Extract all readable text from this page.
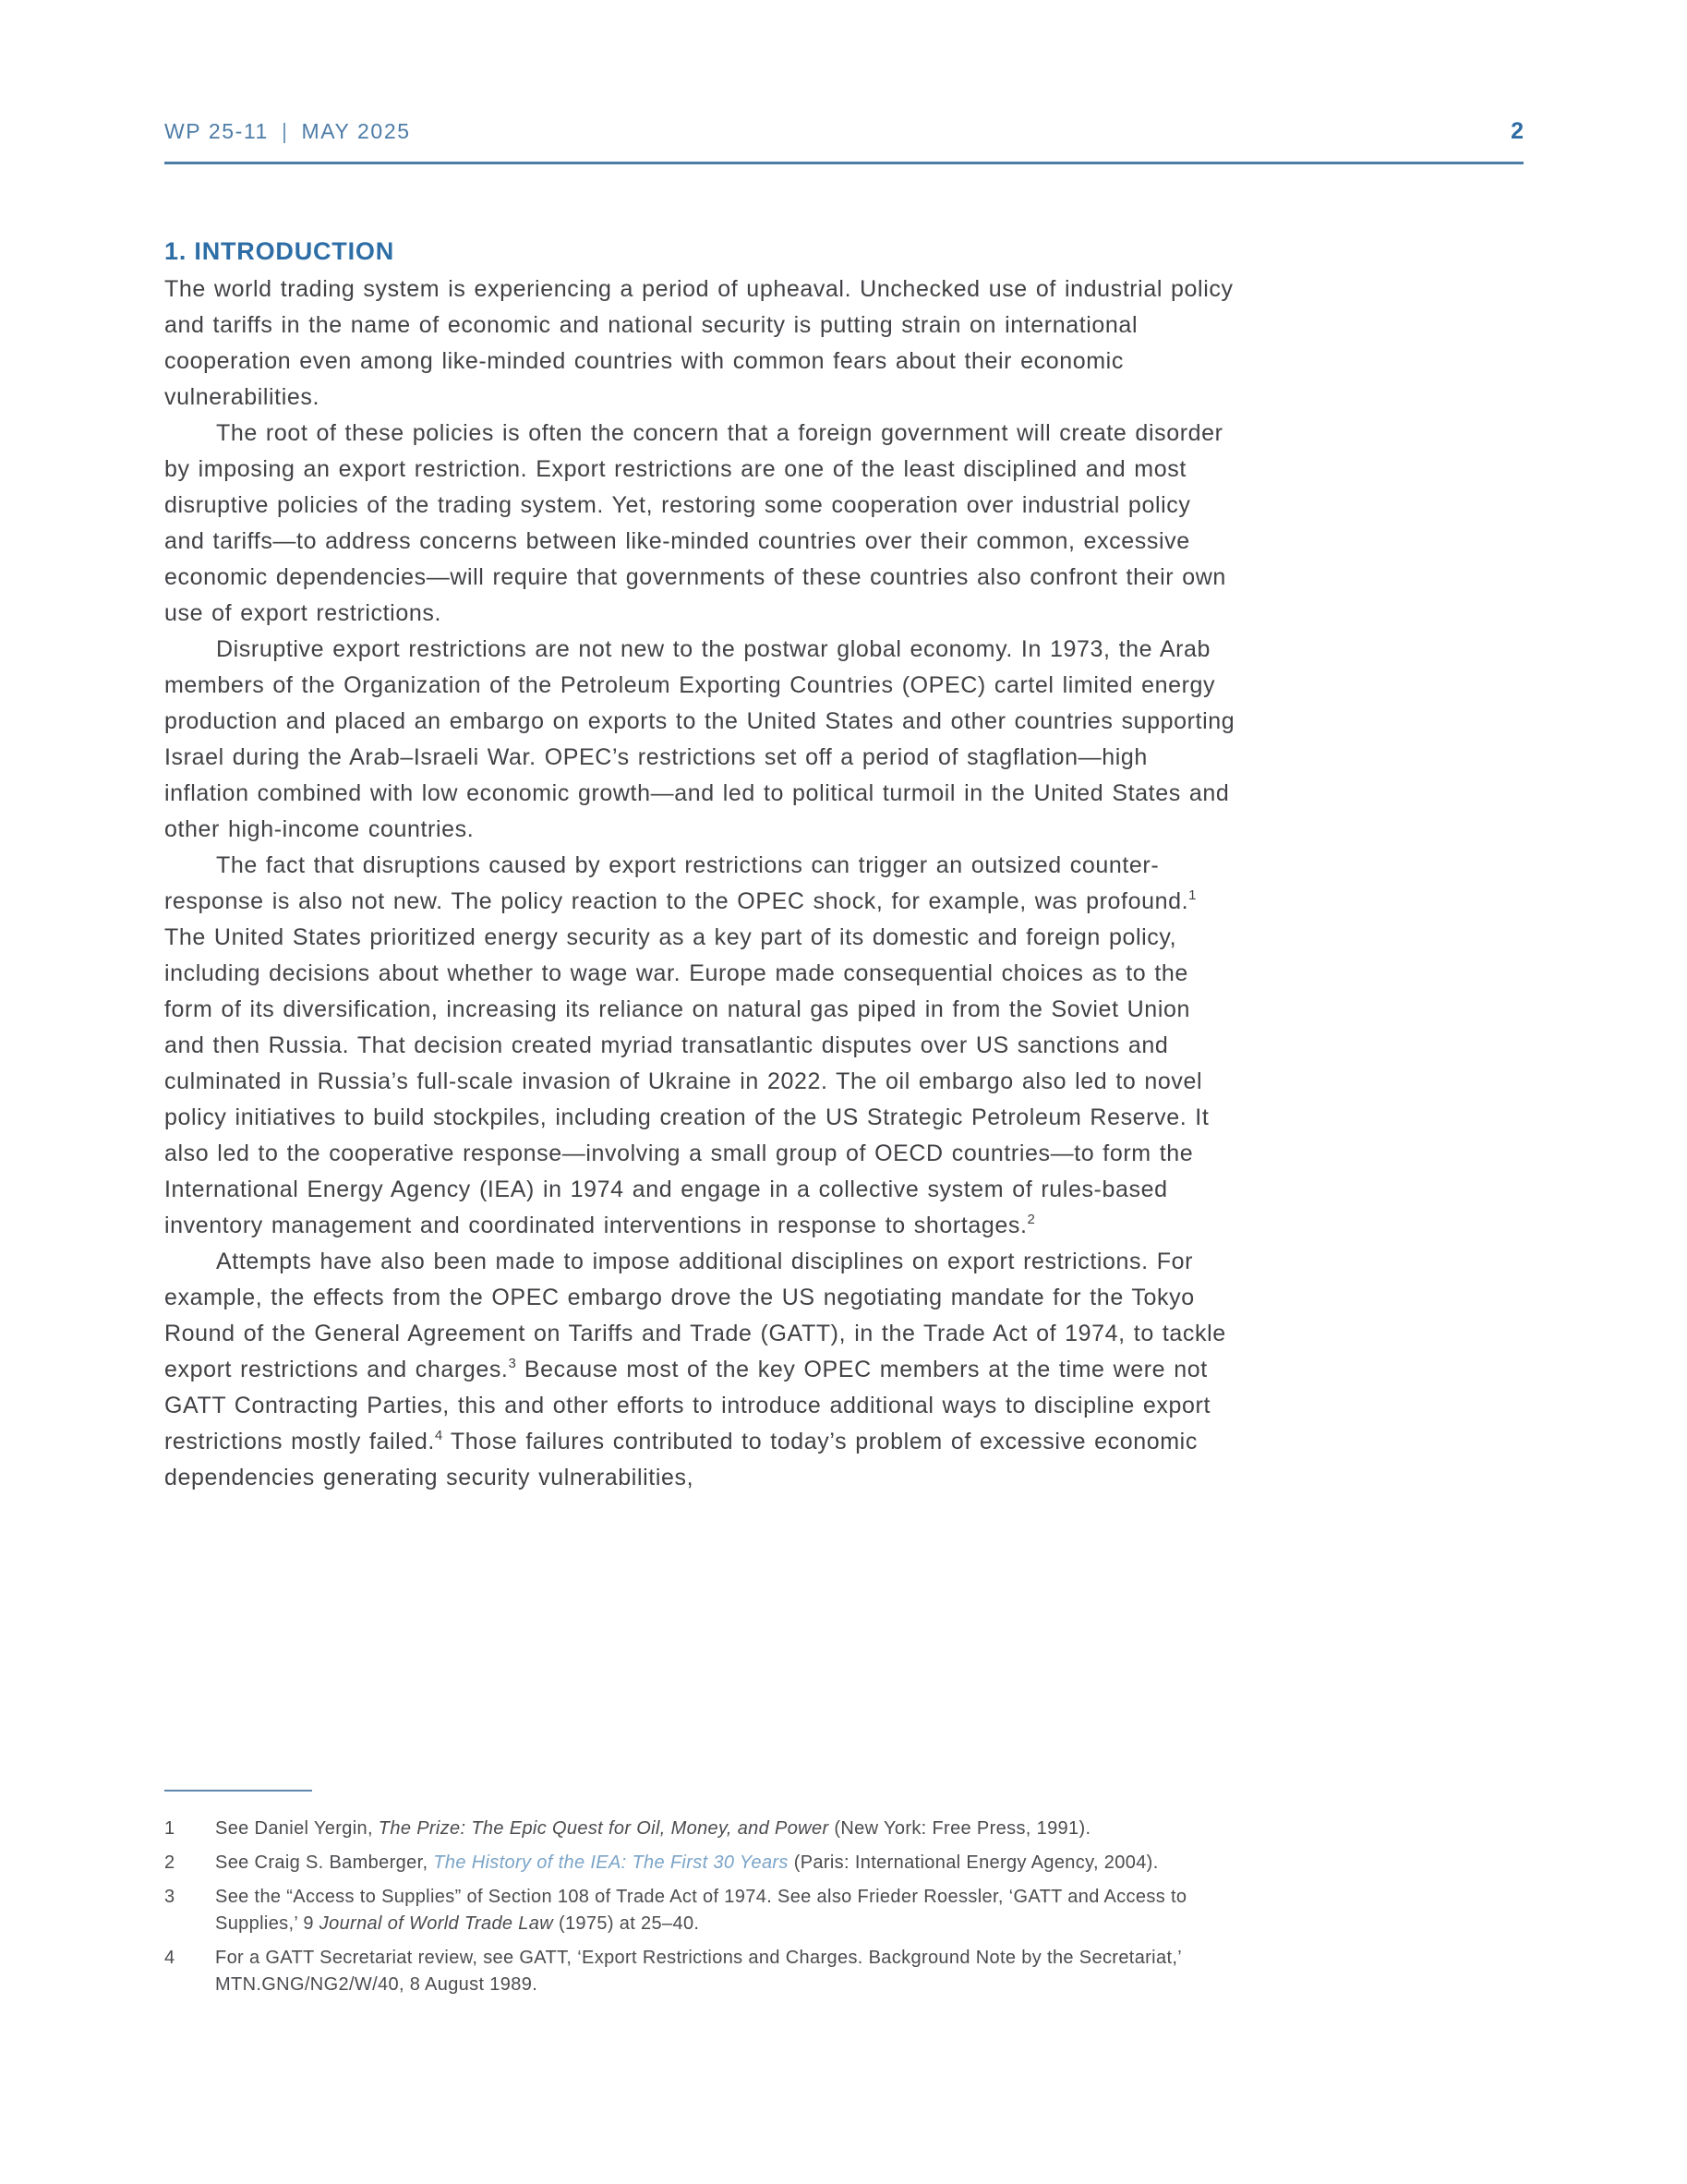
WP 25-11 | MAY 2025	2
1. INTRODUCTION

The world trading system is experiencing a period of upheaval. Unchecked use of industrial policy and tariffs in the name of economic and national security is putting strain on international cooperation even among like-minded countries with common fears about their economic vulnerabilities.

The root of these policies is often the concern that a foreign government will create disorder by imposing an export restriction. Export restrictions are one of the least disciplined and most disruptive policies of the trading system. Yet, restoring some cooperation over industrial policy and tariffs—to address concerns between like-minded countries over their common, excessive economic dependencies—will require that governments of these countries also confront their own use of export restrictions.

Disruptive export restrictions are not new to the postwar global economy. In 1973, the Arab members of the Organization of the Petroleum Exporting Countries (OPEC) cartel limited energy production and placed an embargo on exports to the United States and other countries supporting Israel during the Arab–Israeli War. OPEC’s restrictions set off a period of stagflation—high inflation combined with low economic growth—and led to political turmoil in the United States and other high-income countries.

The fact that disruptions caused by export restrictions can trigger an outsized counter-response is also not new. The policy reaction to the OPEC shock, for example, was profound.$^1$ The United States prioritized energy security as a key part of its domestic and foreign policy, including decisions about whether to wage war. Europe made consequential choices as to the form of its diversification, increasing its reliance on natural gas piped in from the Soviet Union and then Russia. That decision created myriad transatlantic disputes over US sanctions and culminated in Russia’s full-scale invasion of Ukraine in 2022. The oil embargo also led to novel policy initiatives to build stockpiles, including creation of the US Strategic Petroleum Reserve. It also led to the cooperative response—involving a small group of OECD countries—to form the International Energy Agency (IEA) in 1974 and engage in a collective system of rules-based inventory management and coordinated interventions in response to shortages.$^2$

Attempts have also been made to impose additional disciplines on export restrictions. For example, the effects from the OPEC embargo drove the US negotiating mandate for the Tokyo Round of the General Agreement on Tariffs and Trade (GATT), in the Trade Act of 1974, to tackle export restrictions and charges.$^3$ Because most of the key OPEC members at the time were not GATT Contracting Parties, this and other efforts to introduce additional ways to discipline export restrictions mostly failed.$^4$ Those failures contributed to today’s problem of excessive economic dependencies generating security vulnerabilities,

1	See Daniel Yergin, The Prize: The Epic Quest for Oil, Money, and Power (New York: Free Press, 1991).
2	See Craig S. Bamberger, The History of the IEA: The First 30 Years (Paris: International Energy Agency, 2004).
3	See the “Access to Supplies” of Section 108 of Trade Act of 1974. See also Frieder Roessler, ‘GATT and Access to Supplies,’ 9 Journal of World Trade Law (1975) at 25–40.
4	For a GATT Secretariat review, see GATT, ‘Export Restrictions and Charges. Background Note by the Secretariat,’ MTN.GNG/NG2/W/40, 8 August 1989.
